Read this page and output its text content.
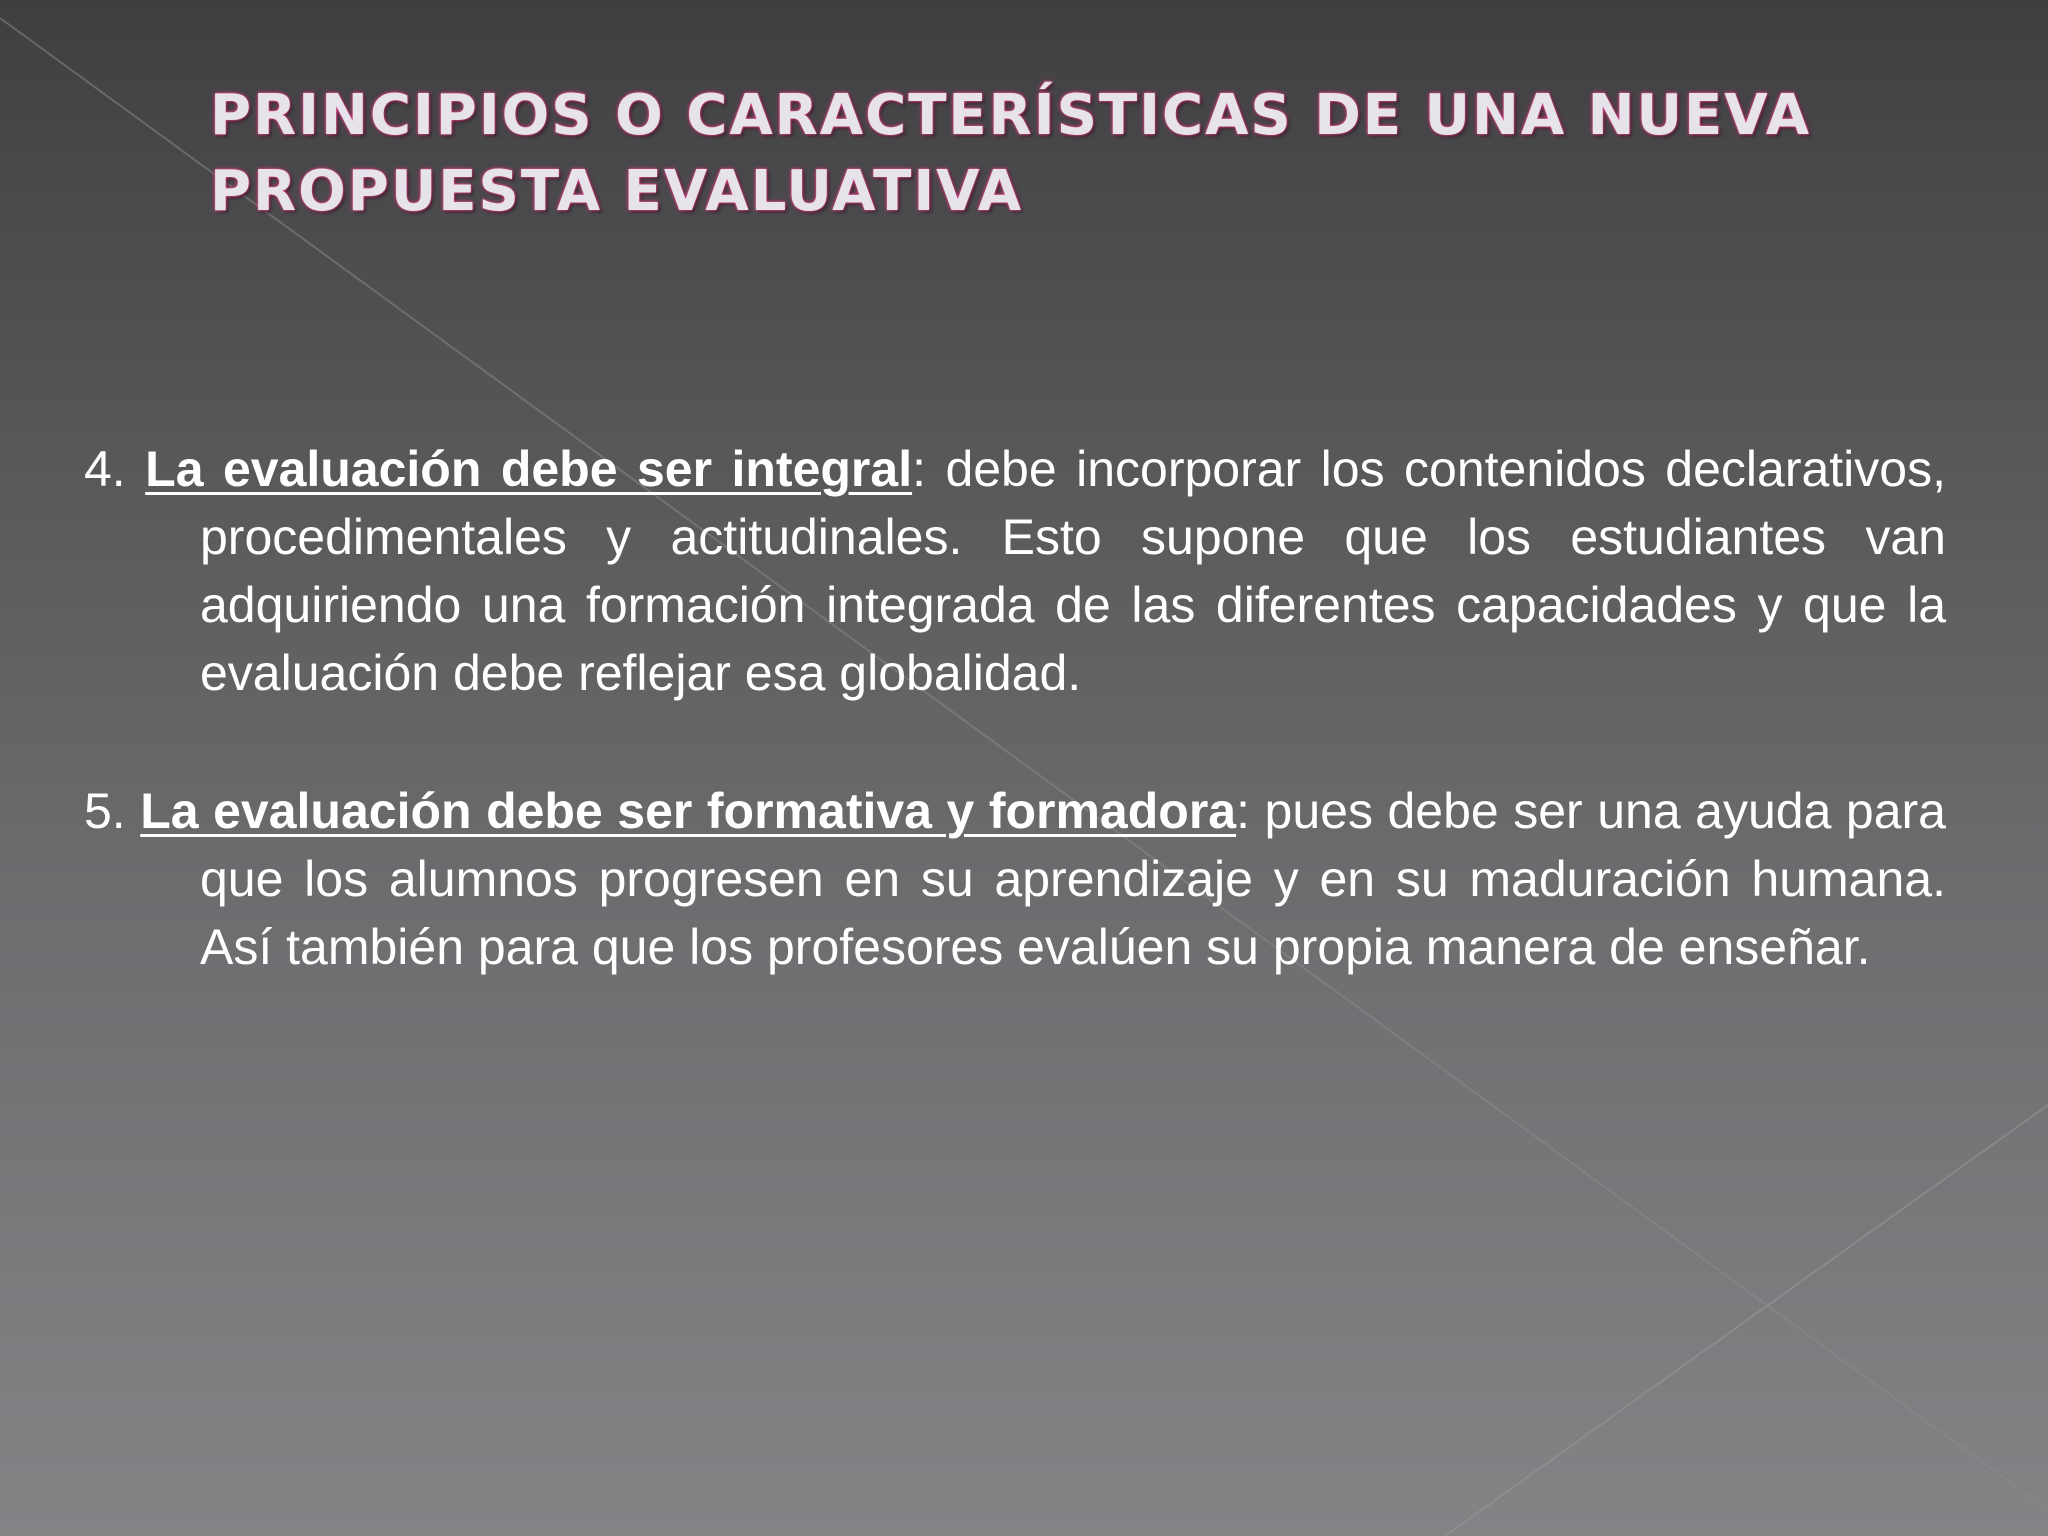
PRINCIPIOS O CARACTERÍSTICAS DE UNA NUEVA
PROPUESTA EVALUATIVA

4. La evaluación debe ser integral: debe incorporar los contenidos declarativos, procedimentales y actitudinales. Esto supone que los estudiantes van adquiriendo una formación integrada de las diferentes capacidades y que la evaluación debe reflejar esa globalidad.

5. La evaluación debe ser formativa y formadora: pues debe ser una ayuda para que los alumnos progresen en su aprendizaje y en su maduración humana. Así también para que los profesores evalúen su propia manera de enseñar.
